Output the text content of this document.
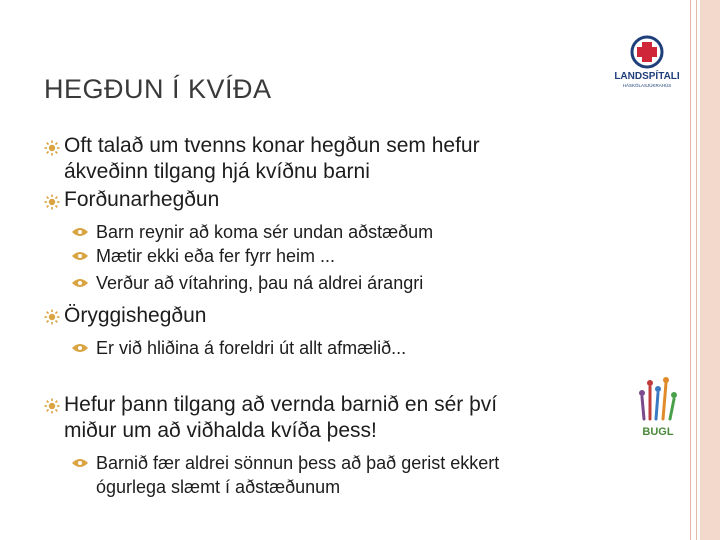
HEGÐUN Í KVÍÐA	LANDSPÍTALI
HÁSKÓLASJÚKRAHÚS
Oft talað um tvenns konar hegðun sem hefur
ákveðinn tilgang hjá kvíðnu barni
Forðunarhegðun
Barn reynir að koma sér undan aðstæðum
Mætir ekki eða fer fyrr heim ...
Verður að vítahring, þau ná aldrei árangri
Öryggishegðun
Er við hliðina á foreldri út allt afmælið...
Hefur þann tilgang að vernda barnið en sér því
miður um að viðhalda kvíða þess!
Barnið fær aldrei sönnun þess að það gerist ekkert
ógurlega slæmt í aðstæðunum
BUGL
